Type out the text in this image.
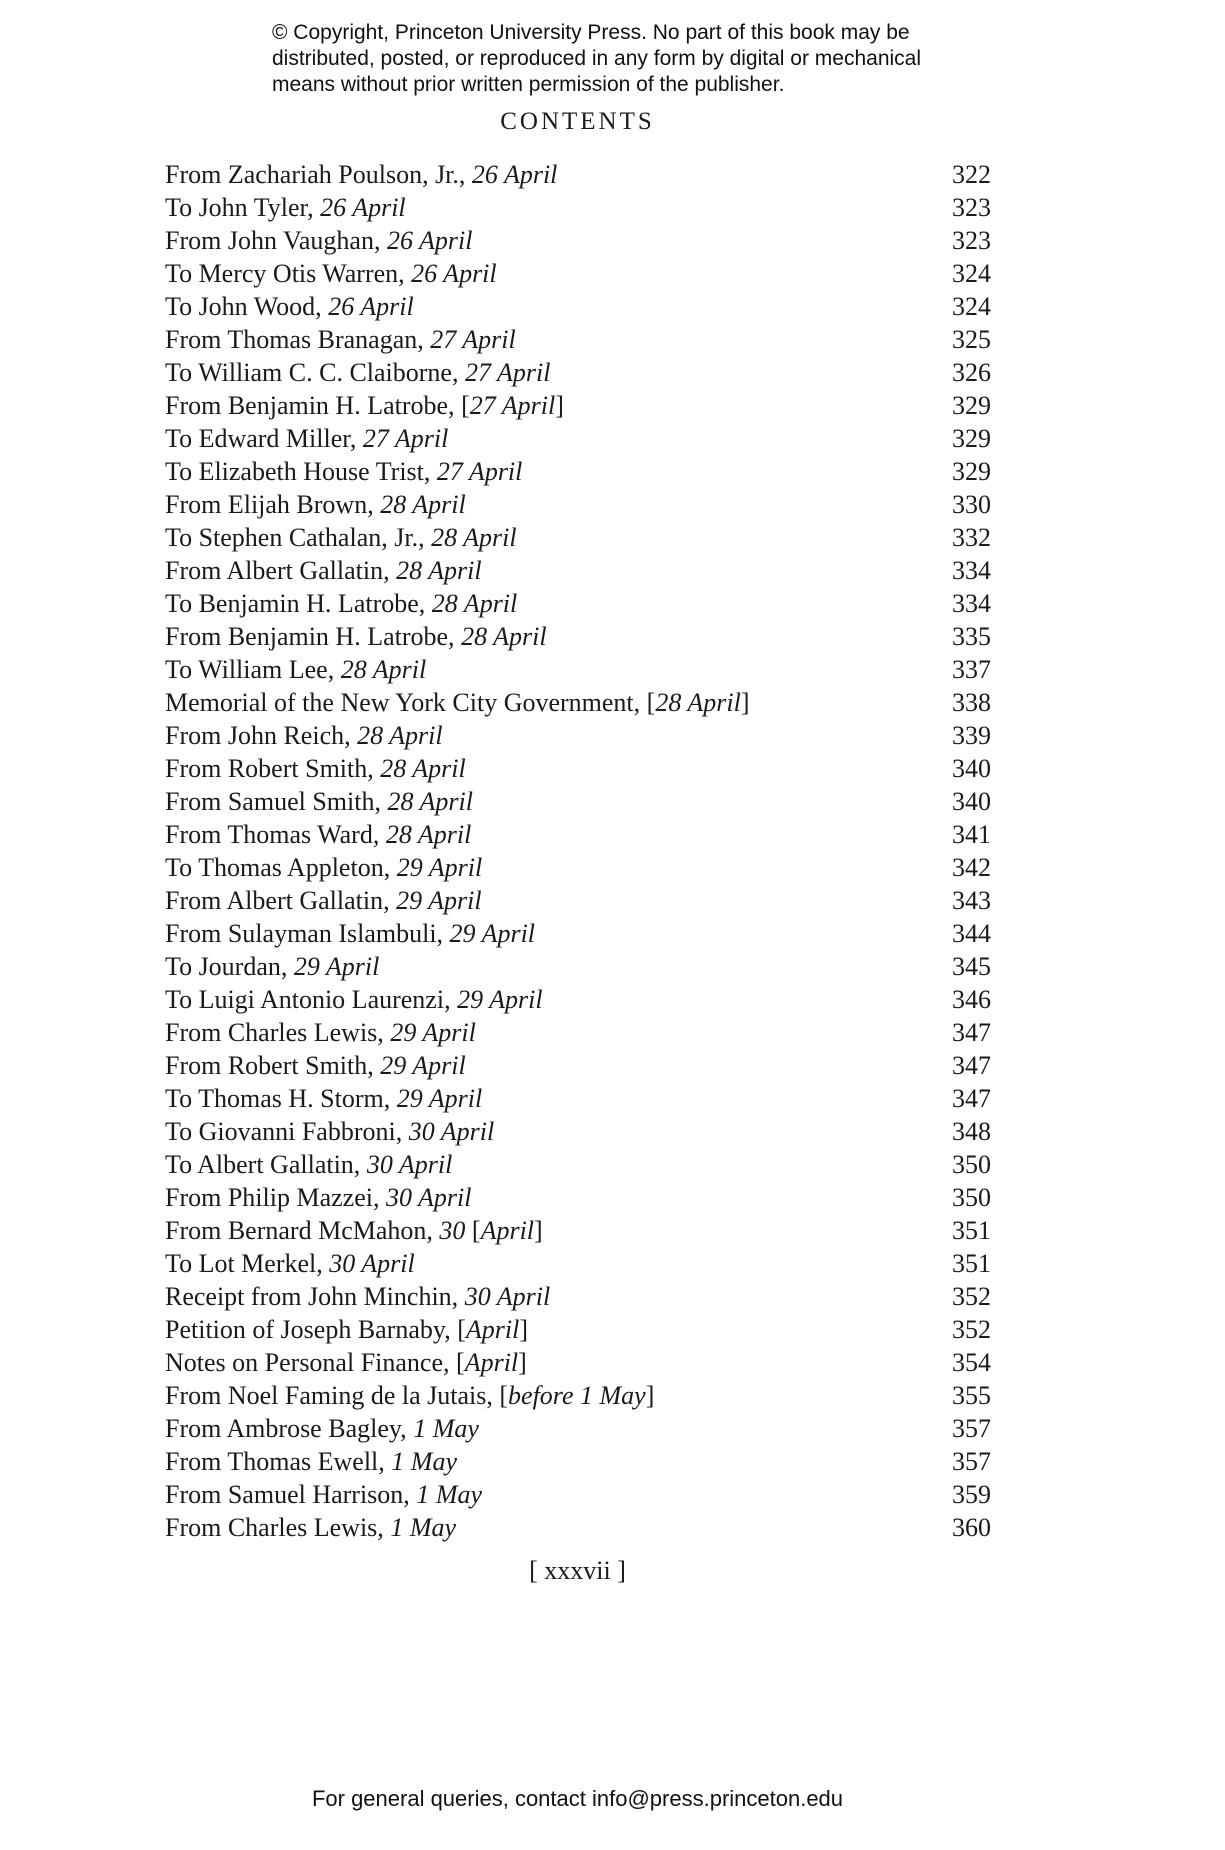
© Copyright, Princeton University Press. No part of this book may be
distributed, posted, or reproduced in any form by digital or mechanical
means without prior written permission of the publisher.
CONTENTS
From Zachariah Poulson, Jr., 26 April	322
To John Tyler, 26 April	323
From John Vaughan, 26 April	323
To Mercy Otis Warren, 26 April	324
To John Wood, 26 April	324
From Thomas Branagan, 27 April	325
To William C. C. Claiborne, 27 April	326
From Benjamin H. Latrobe, [27 April]	329
To Edward Miller, 27 April	329
To Elizabeth House Trist, 27 April	329
From Elijah Brown, 28 April	330
To Stephen Cathalan, Jr., 28 April	332
From Albert Gallatin, 28 April	334
To Benjamin H. Latrobe, 28 April	334
From Benjamin H. Latrobe, 28 April	335
To William Lee, 28 April	337
Memorial of the New York City Government, [28 April]	338
From John Reich, 28 April	339
From Robert Smith, 28 April	340
From Samuel Smith, 28 April	340
From Thomas Ward, 28 April	341
To Thomas Appleton, 29 April	342
From Albert Gallatin, 29 April	343
From Sulayman Islambuli, 29 April	344
To Jourdan, 29 April	345
To Luigi Antonio Laurenzi, 29 April	346
From Charles Lewis, 29 April	347
From Robert Smith, 29 April	347
To Thomas H. Storm, 29 April	347
To Giovanni Fabbroni, 30 April	348
To Albert Gallatin, 30 April	350
From Philip Mazzei, 30 April	350
From Bernard McMahon, 30 [April]	351
To Lot Merkel, 30 April	351
Receipt from John Minchin, 30 April	352
Petition of Joseph Barnaby, [April]	352
Notes on Personal Finance, [April]	354
From Noel Faming de la Jutais, [before 1 May]	355
From Ambrose Bagley, 1 May	357
From Thomas Ewell, 1 May	357
From Samuel Harrison, 1 May	359
From Charles Lewis, 1 May	360
[ xxxvii ]
For general queries, contact info@press.princeton.edu
